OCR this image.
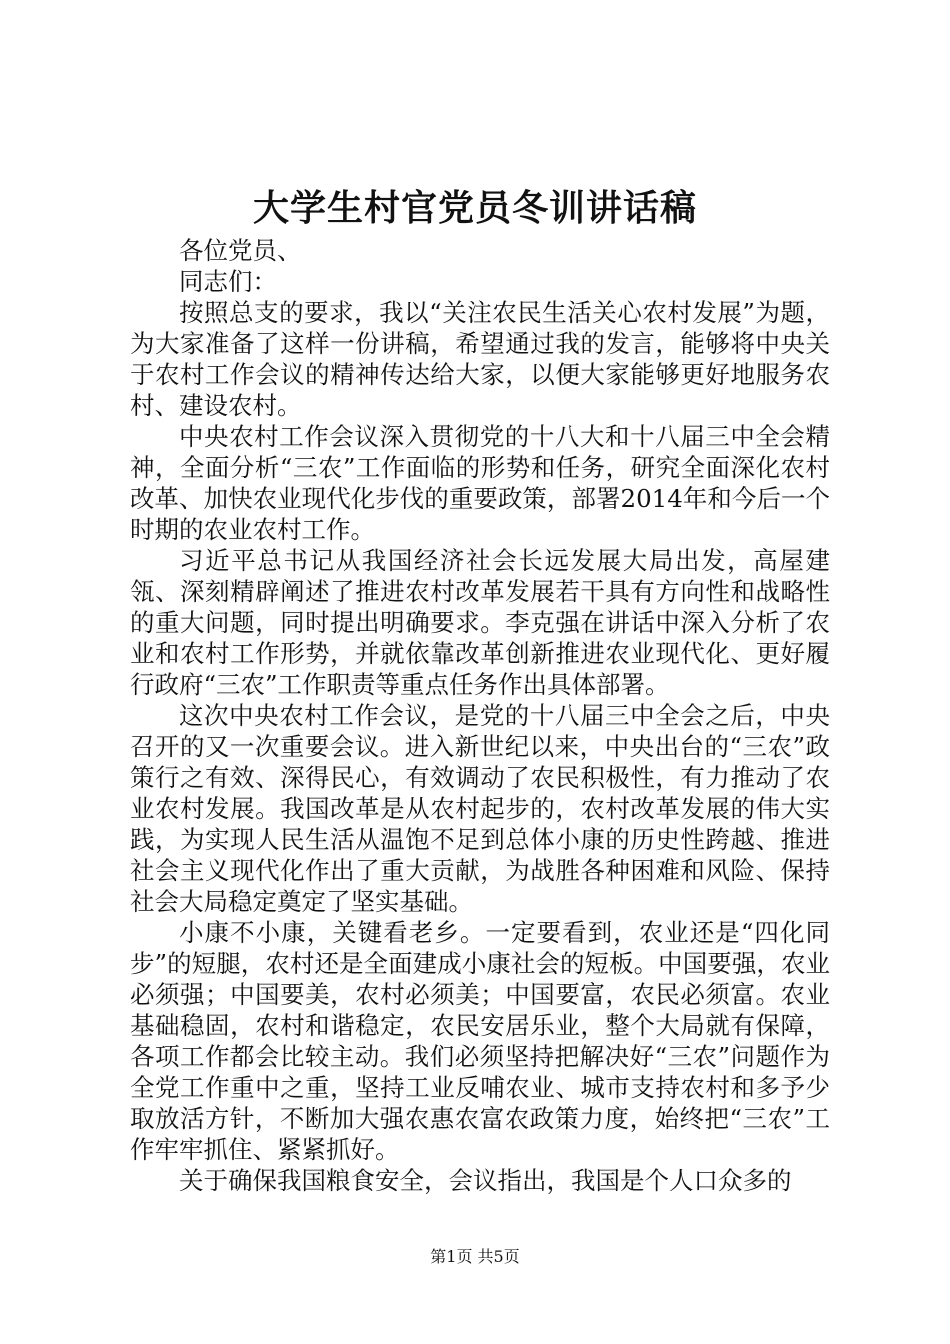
大学生村官党员冬训讲话稿

各位党员、

同志们：

按照总支的要求，我以“关注农民生活关心农村发展”为题，为大家准备了这样一份讲稿，希望通过我的发言，能够将中央关于农村工作会议的精神传达给大家，以便大家能够更好地服务农村、建设农村。

中央农村工作会议深入贯彻党的十八大和十八届三中全会精神，全面分析“三农”工作面临的形势和任务，研究全面深化农村改革、加快农业现代化步伐的重要政策，部署2014年和今后一个时期的农业农村工作。

习近平总书记从我国经济社会长远发展大局出发，高屋建瓴、深刻精辟阐述了推进农村改革发展若干具有方向性和战略性的重大问题，同时提出明确要求。李克强在讲话中深入分析了农业和农村工作形势，并就依靠改革创新推进农业现代化、更好履行政府“三农”工作职责等重点任务作出具体部署。

这次中央农村工作会议，是党的十八届三中全会之后，中央召开的又一次重要会议。进入新世纪以来，中央出台的“三农”政策行之有效、深得民心，有效调动了农民积极性，有力推动了农业农村发展。我国改革是从农村起步的，农村改革发展的伟大实践，为实现人民生活从温饱不足到总体小康的历史性跨越、推进社会主义现代化作出了重大贡献，为战胜各种困难和风险、保持社会大局稳定奠定了坚实基础。

小康不小康，关键看老乡。一定要看到，农业还是“四化同步”的短腿，农村还是全面建成小康社会的短板。中国要强，农业必须强；中国要美，农村必须美；中国要富，农民必须富。农业基础稳固，农村和谐稳定，农民安居乐业，整个大局就有保障，各项工作都会比较主动。我们必须坚持把解决好“三农”问题作为全党工作重中之重，坚持工业反哺农业、城市支持农村和多予少取放活方针，不断加大强农惠农富农政策力度，始终把“三农”工作牢牢抓住、紧紧抓好。

关于确保我国粮食安全，会议指出，我国是个人口众多的

第1页 共5页
